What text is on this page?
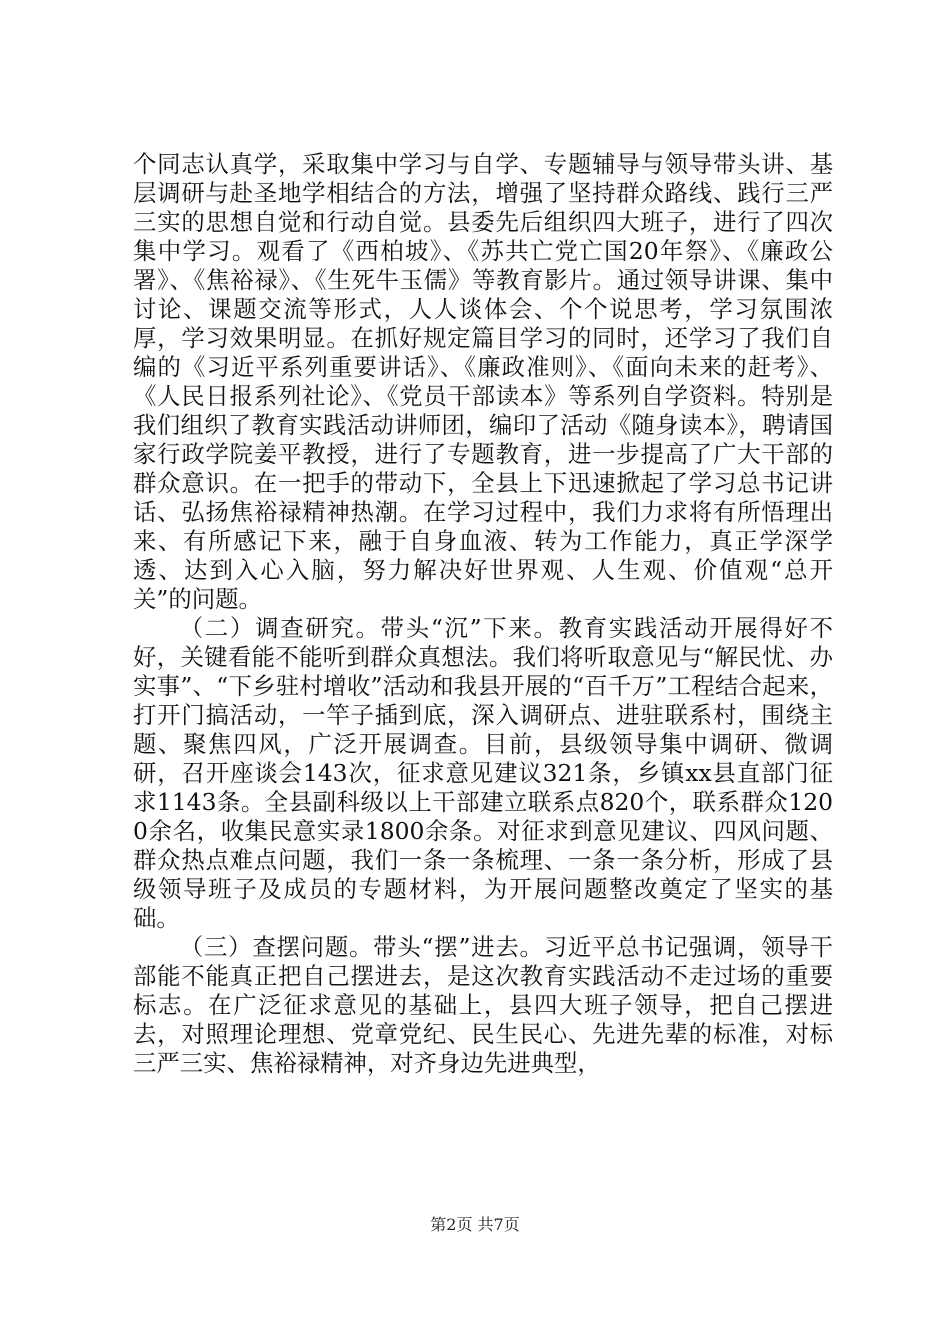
个同志认真学，采取集中学习与自学、专题辅导与领导带头讲、基层调研与赴圣地学相结合的方法，增强了坚持群众路线、践行三严三实的思想自觉和行动自觉。县委先后组织四大班子，进行了四次集中学习。观看了《西柏坡》、《苏共亡党亡国20年祭》、《廉政公署》、《焦裕禄》、《生死牛玉儒》等教育影片。通过领导讲课、集中讨论、课题交流等形式，人人谈体会、个个说思考，学习氛围浓厚，学习效果明显。在抓好规定篇目学习的同时，还学习了我们自编的《习近平系列重要讲话》、《廉政准则》、《面向未来的赶考》、《人民日报系列社论》、《党员干部读本》等系列自学资料。特别是我们组织了教育实践活动讲师团，编印了活动《随身读本》，聘请国家行政学院姜平教授，进行了专题教育，进一步提高了广大干部的群众意识。在一把手的带动下，全县上下迅速掀起了学习总书记讲话、弘扬焦裕禄精神热潮。在学习过程中，我们力求将有所悟理出来、有所感记下来，融于自身血液、转为工作能力，真正学深学透、达到入心入脑，努力解决好世界观、人生观、价值观“总开关”的问题。

（二）调查研究。带头“沉”下来。教育实践活动开展得好不好，关键看能不能听到群众真想法。我们将听取意见与“解民忧、办实事”、“下乡驻村增收”活动和我县开展的“百千万”工程结合起来，打开门搞活动，一竿子插到底，深入调研点、进驻联系村，围绕主题、聚焦四风，广泛开展调查。目前，县级领导集中调研、微调研，召开座谈会143次，征求意见建议321条，乡镇xx县直部门征求1143条。全县副科级以上干部建立联系点820个，联系群众1200余名，收集民意实录1800余条。对征求到意见建议、四风问题、群众热点难点问题，我们一条一条梳理、一条一条分析，形成了县级领导班子及成员的专题材料，为开展问题整改奠定了坚实的基础。

（三）查摆问题。带头“摆”进去。习近平总书记强调，领导干部能不能真正把自己摆进去，是这次教育实践活动不走过场的重要标志。在广泛征求意见的基础上，县四大班子领导，把自己摆进去，对照理论理想、党章党纪、民生民心、先进先辈的标准，对标三严三实、焦裕禄精神，对齐身边先进典型，

第2页 共7页
